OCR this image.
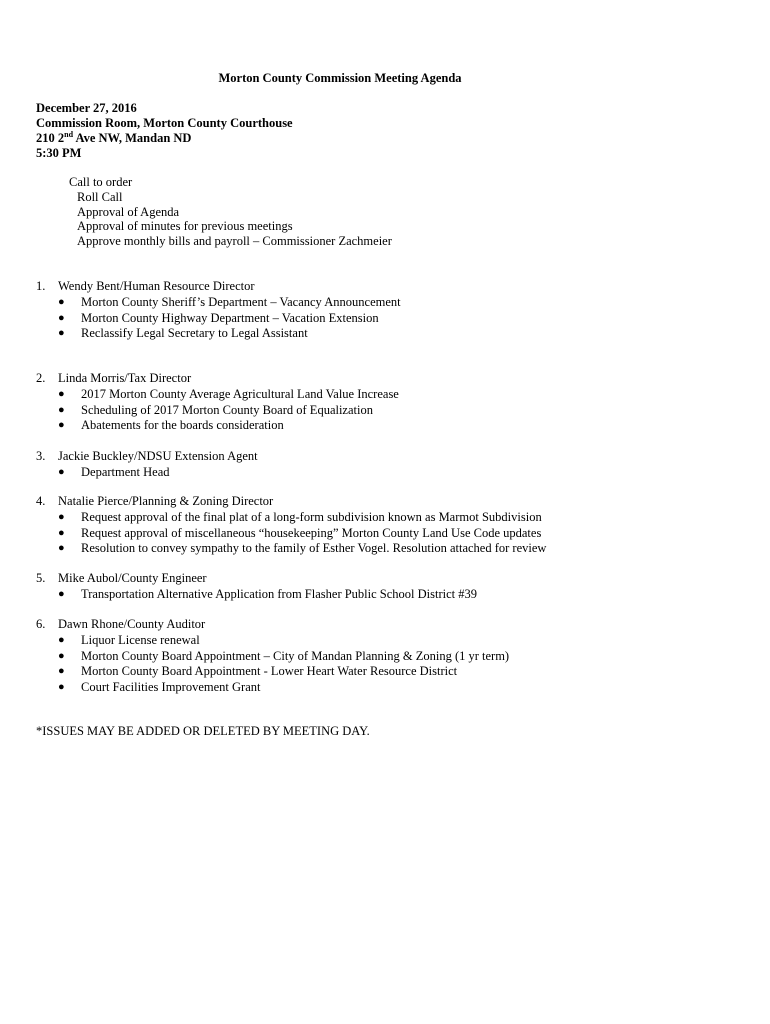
Morton County Commission Meeting Agenda
December 27, 2016
Commission Room, Morton County Courthouse
210 2nd Ave NW, Mandan ND
5:30 PM
Call to order
Roll Call
Approval of Agenda
Approval of minutes for previous meetings
Approve monthly bills and payroll – Commissioner Zachmeier
1. Wendy Bent/Human Resource Director
● Morton County Sheriff’s Department – Vacancy Announcement
● Morton County Highway Department – Vacation Extension
● Reclassify Legal Secretary to Legal Assistant
2. Linda Morris/Tax Director
● 2017 Morton County Average Agricultural Land Value Increase
● Scheduling of 2017 Morton County Board of Equalization
● Abatements for the boards consideration
3. Jackie Buckley/NDSU Extension Agent
● Department Head
4. Natalie Pierce/Planning & Zoning Director
● Request approval of the final plat of a long-form subdivision known as Marmot Subdivision
● Request approval of miscellaneous “housekeeping” Morton County Land Use Code updates
● Resolution to convey sympathy to the family of Esther Vogel. Resolution attached for review
5. Mike Aubol/County Engineer
● Transportation Alternative Application from Flasher Public School District #39
6. Dawn Rhone/County Auditor
● Liquor License renewal
● Morton County Board Appointment – City of Mandan Planning & Zoning (1 yr term)
● Morton County Board Appointment - Lower Heart Water Resource District
● Court Facilities Improvement Grant
*ISSUES MAY BE ADDED OR DELETED BY MEETING DAY.
